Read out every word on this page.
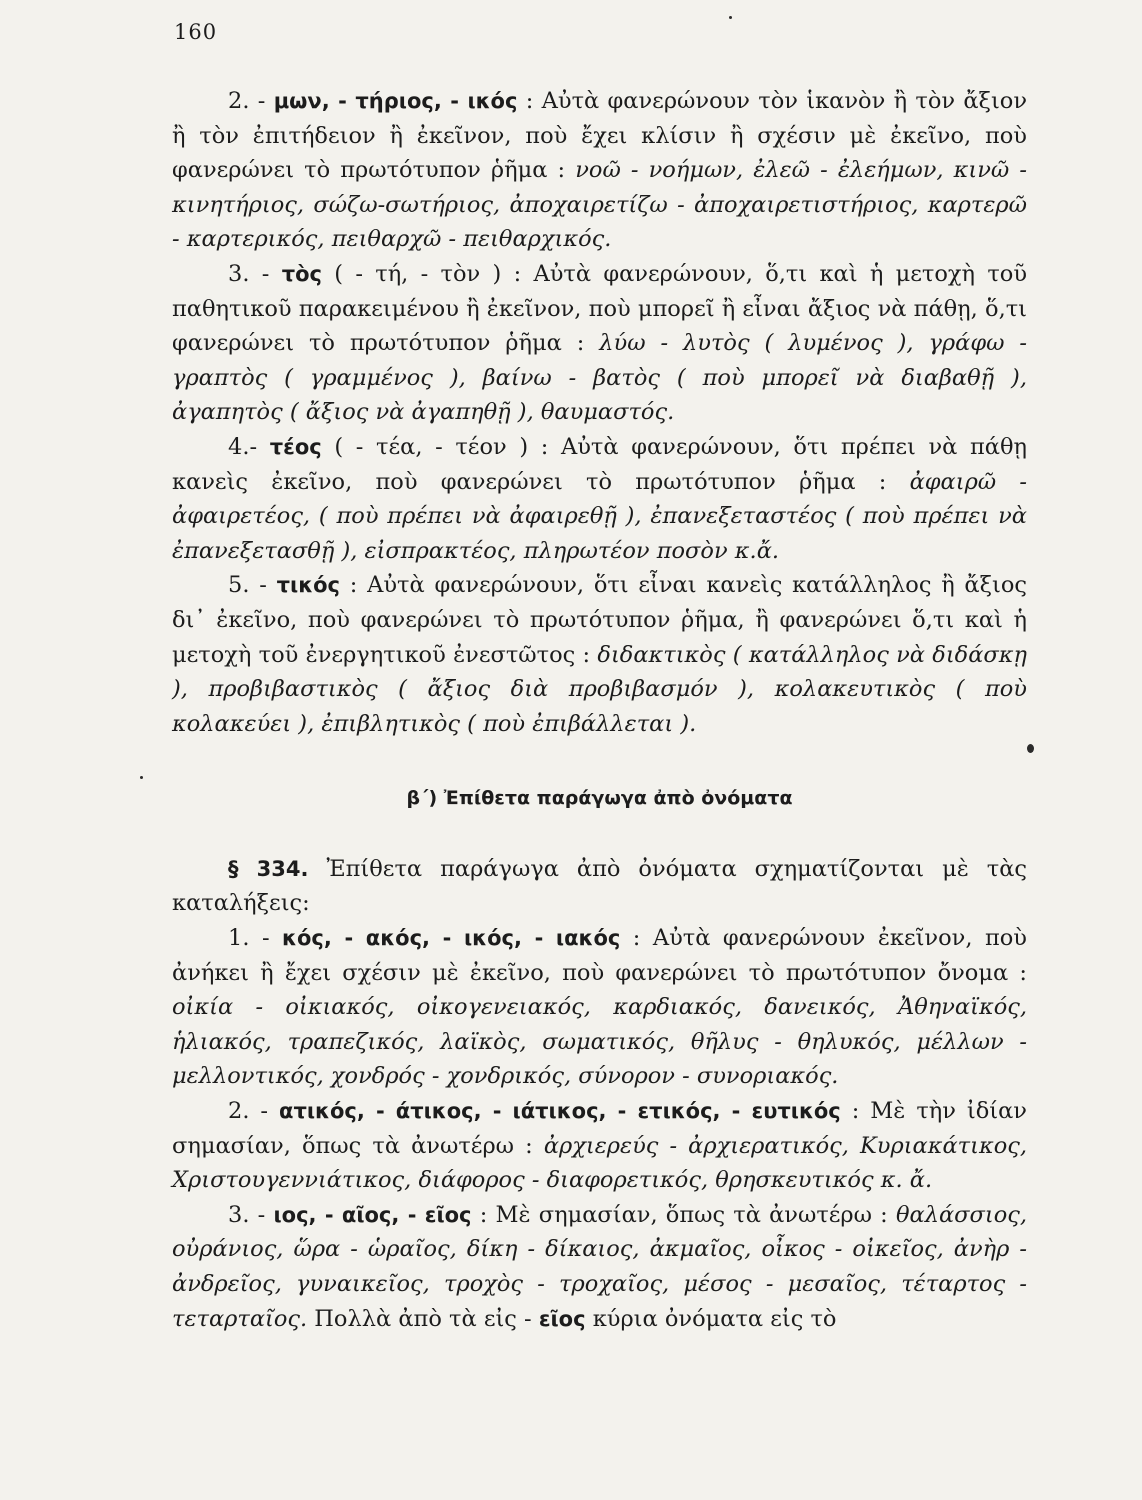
160

2. - μων, - τήριος, - ικός : Αὐτὰ φανερώνουν τὸν ἱκανὸν ἢ τὸν ἄξιον ἢ τὸν ἐπιτήδειον ἢ ἐκεῖνον, ποὺ ἔχει κλίσιν ἢ σχέσιν μὲ ἐκεῖνο, ποὺ φανερώνει τὸ πρωτότυπον ῥῆμα : νοῶ - νοήμων, ἐλεῶ - ἐλεήμων, κινῶ - κινητήριος, σώζω-σωτήριος, ἀποχαιρετίζω - ἀποχαιρετιστήριος, καρτερῶ - καρτερικός, πειθαρχῶ - πειθαρχικός.

3. - τὸς ( - τή, - τὸν ) : Αὐτὰ φανερώνουν, ὅ,τι καὶ ἡ μετοχὴ τοῦ παθητικοῦ παρακειμένου ἢ ἐκεῖνον, ποὺ μπορεῖ ἢ εἶναι ἄξιος νὰ πάθῃ, ὅ,τι φανερώνει τὸ πρωτότυπον ῥῆμα : λύω - λυτὸς ( λυμένος ), γράφω - γραπτὸς ( γραμμένος ), βαίνω - βατὸς ( ποὺ μπορεῖ νὰ διαβαθῇ ), ἀγαπητὸς ( ἄξιος νὰ ἀγαπηθῇ ), θαυμαστός.

4.- τέος ( - τέα, - τέον ) : Αὐτὰ φανερώνουν, ὅτι πρέπει νὰ πάθῃ κανεὶς ἐκεῖνο, ποὺ φανερώνει τὸ πρωτότυπον ῥῆμα : ἀφαιρῶ - ἀφαιρετέος, ( ποὺ πρέπει νὰ ἀφαιρεθῇ ), ἐπανεξεταστέος ( ποὺ πρέπει νὰ ἐπανεξετασθῇ ), εἰσπρακτέος, πληρωτέον ποσὸν κ.ἄ.

5. - τικός : Αὐτὰ φανερώνουν, ὅτι εἶναι κανεὶς κατάλληλος ἢ ἄξιος δι᾽ ἐκεῖνο, ποὺ φανερώνει τὸ πρωτότυπον ῥῆμα, ἢ φανερώνει ὅ,τι καὶ ἡ μετοχὴ τοῦ ἐνεργητικοῦ ἐνεστῶτος : διδακτικὸς ( κατάλληλος νὰ διδάσκῃ ), προβιβαστικὸς ( ἄξιος διὰ προβιβασμόν ), κολακευτικὸς ( ποὺ κολακεύει ), ἐπιβλητικὸς ( ποὺ ἐπιβάλλεται ).

β΄) Ἐπίθετα παράγωγα ἀπὸ ὀνόματα

§ 334. Ἐπίθετα παράγωγα ἀπὸ ὀνόματα σχηματίζονται μὲ τὰς καταλήξεις:

1. - κός, - ακός, - ικός, - ιακός : Αὐτὰ φανερώνουν ἐκεῖνον, ποὺ ἀνήκει ἢ ἔχει σχέσιν μὲ ἐκεῖνο, ποὺ φανερώνει τὸ πρωτότυπον ὄνομα : οἰκία - οἰκιακός, οἰκογενειακός, καρδιακός, δανεικός, Ἀθηναϊκός, ἡλιακός, τραπεζικός, λαϊκὸς, σωματικός, θῆλυς - θηλυκός, μέλλων - μελλοντικός, χονδρός - χονδρικός, σύνορον - συνοριακός.

2. - ατικός, - άτικος, - ιάτικος, - ετικός, - ευτικός : Μὲ τὴν ἰδίαν σημασίαν, ὅπως τὰ ἀνωτέρω : ἀρχιερεύς - ἀρχιερατικός, Κυριακάτικος, Χριστουγεννιάτικος, διάφορος - διαφορετικός, θρησκευτικός κ. ἄ.

3. - ιος, - αῖος, - εῖος : Μὲ σημασίαν, ὅπως τὰ ἀνωτέρω : θαλάσσιος, οὐράνιος, ὥρα - ὡραῖος, δίκη - δίκαιος, ἀκμαῖος, οἶκος - οἰκεῖος, ἀνὴρ - ἀνδρεῖος, γυναικεῖος, τροχὸς - τροχαῖος, μέσος - μεσαῖος, τέταρτος - τεταρταῖος. Πολλὰ ἀπὸ τὰ εἰς - εῖος κύρια ὀνόματα εἰς τὸ
